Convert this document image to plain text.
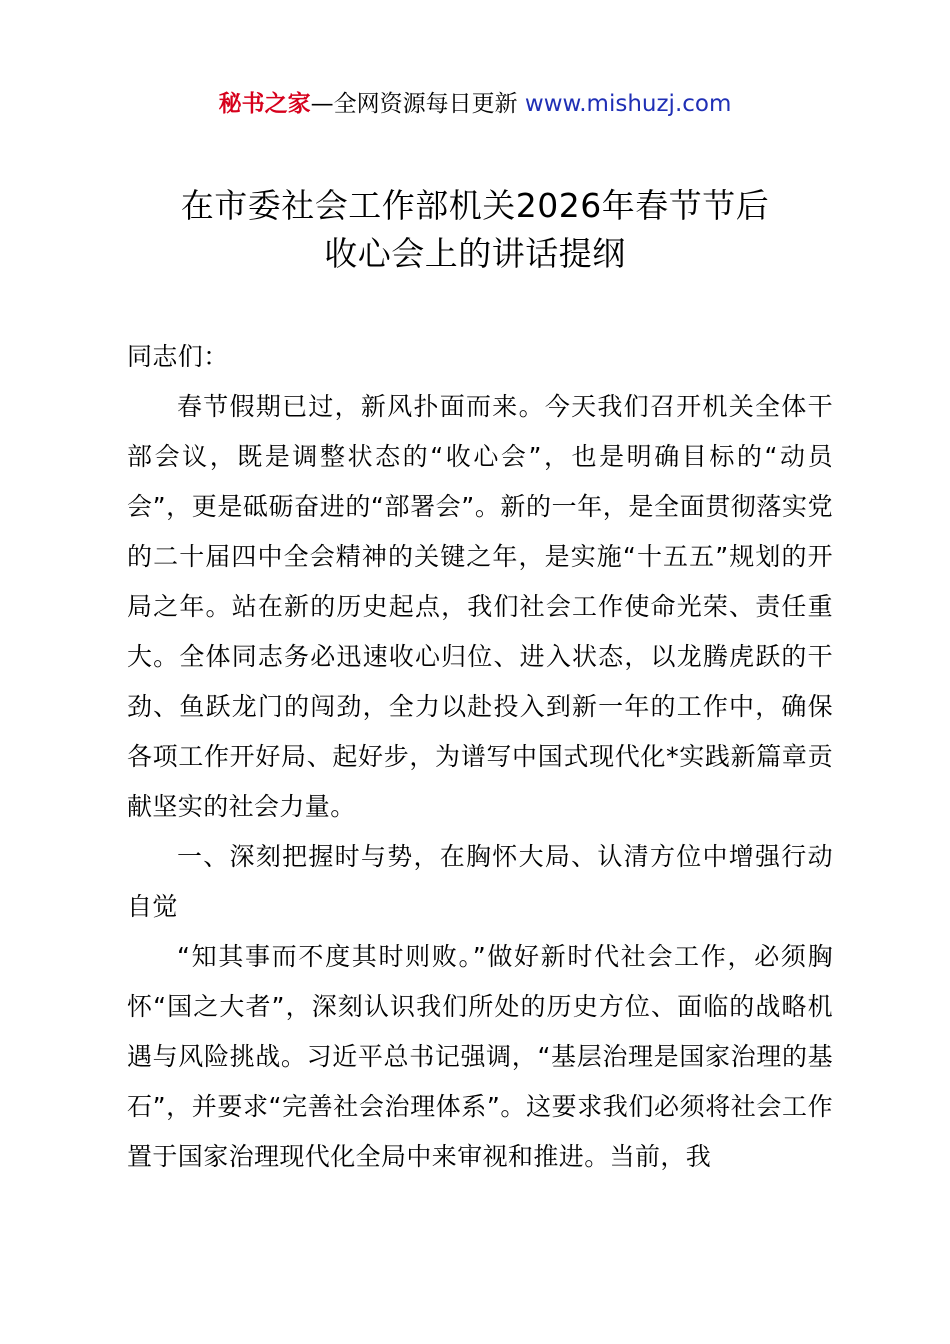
秘书之家—全网资源每日更新 www.mishuzj.com
在市委社会工作部机关2026年春节节后
收心会上的讲话提纲

同志们：

春节假期已过，新风扑面而来。今天我们召开机关全体干部会议，既是调整状态的“收心会”，也是明确目标的“动员会”，更是砥砺奋进的“部署会”。新的一年，是全面贯彻落实党的二十届四中全会精神的关键之年，是实施“十五五”规划的开局之年。站在新的历史起点，我们社会工作使命光荣、责任重大。全体同志务必迅速收心归位、进入状态，以龙腾虎跃的干劲、鱼跃龙门的闯劲，全力以赴投入到新一年的工作中，确保各项工作开好局、起好步，为谱写中国式现代化*实践新篇章贡献坚实的社会力量。

一、深刻把握时与势，在胸怀大局、认清方位中增强行动自觉

“知其事而不度其时则败。”做好新时代社会工作，必须胸怀“国之大者”，深刻认识我们所处的历史方位、面临的战略机遇与风险挑战。习近平总书记强调，“基层治理是国家治理的基石”，并要求“完善社会治理体系”。这要求我们必须将社会工作置于国家治理现代化全局中来审视和推进。当前，我
